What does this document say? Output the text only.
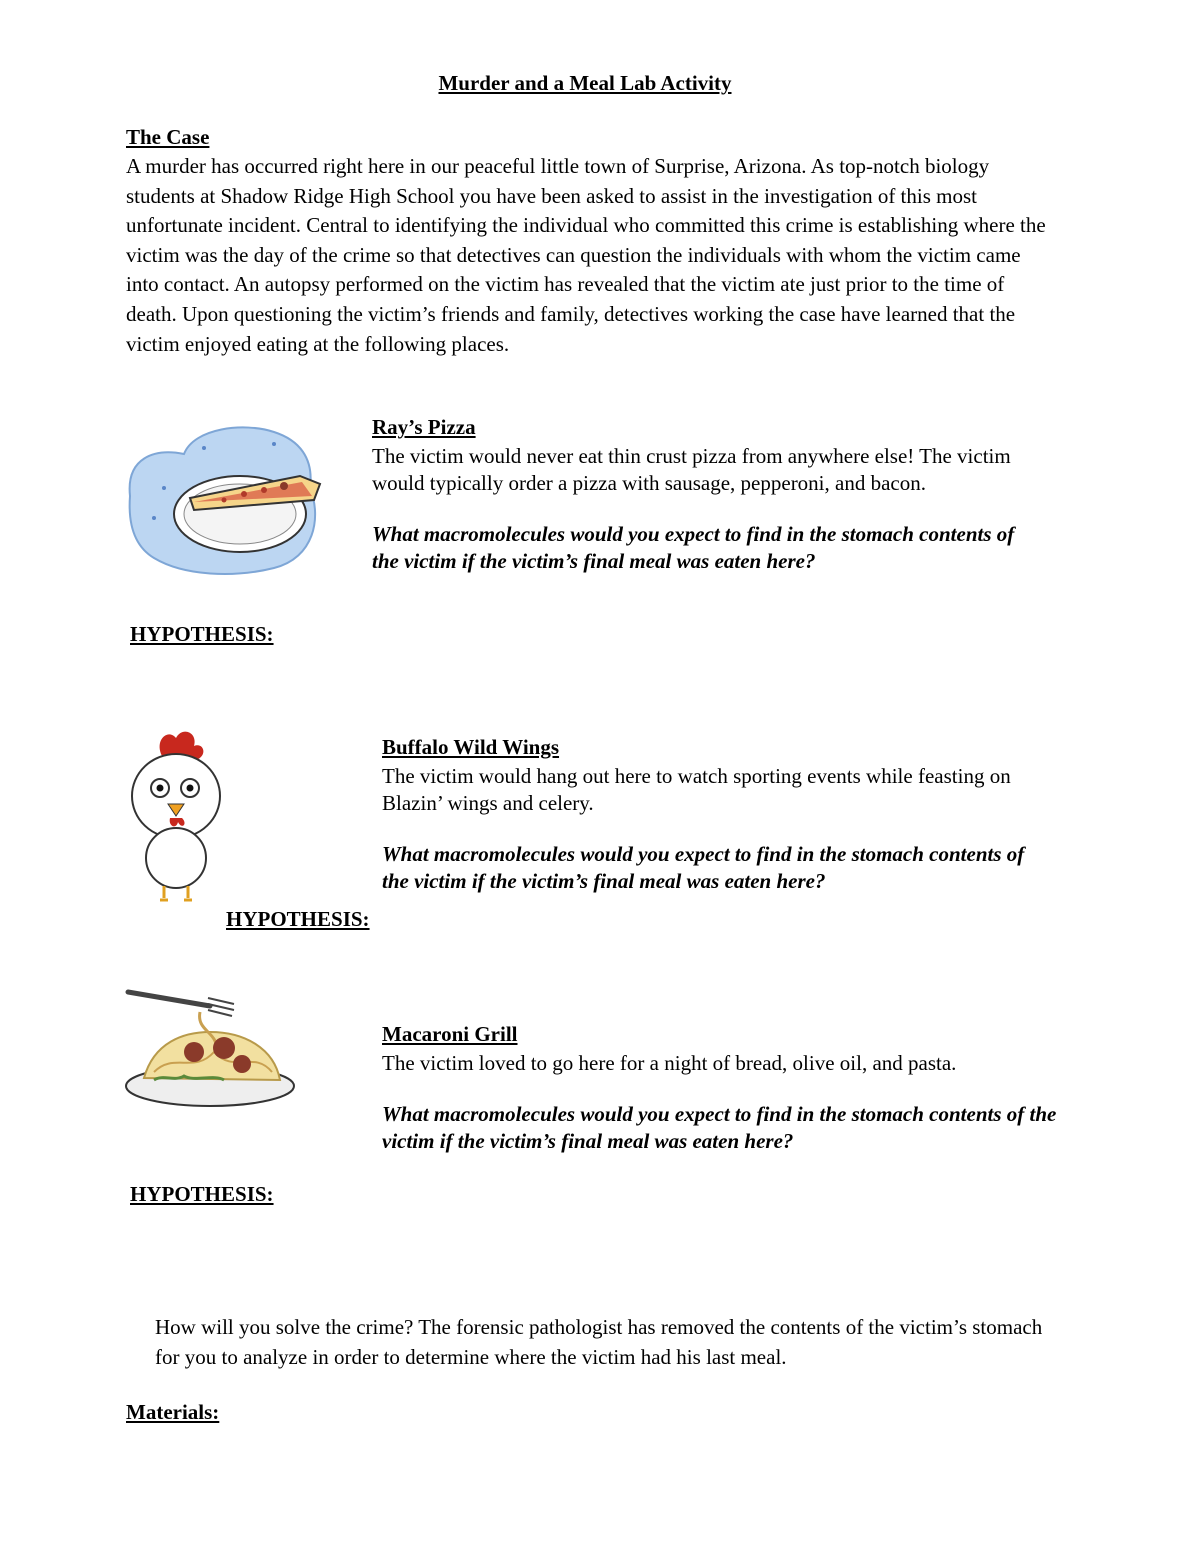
Murder and a Meal Lab Activity
The Case
A murder has occurred right here in our peaceful little town of Surprise, Arizona. As top-notch biology students at Shadow Ridge High School you have been asked to assist in the investigation of this most unfortunate incident. Central to identifying the individual who committed this crime is establishing where the victim was the day of the crime so that detectives can question the individuals with whom the victim came into contact. An autopsy performed on the victim has revealed that the victim ate just prior to the time of death. Upon questioning the victim’s friends and family, detectives working the case have learned that the victim enjoyed eating at the following places.
Ray’s Pizza
The victim would never eat thin crust pizza from anywhere else! The victim would typically order a pizza with sausage, pepperoni, and bacon.
What macromolecules would you expect to find in the stomach contents of the victim if the victim’s final meal was eaten here?
HYPOTHESIS:
Buffalo Wild Wings
The victim would hang out here to watch sporting events while feasting on Blazin’ wings and celery.
What macromolecules would you expect to find in the stomach contents of the victim if the victim’s final meal was eaten here?
HYPOTHESIS:
Macaroni Grill
The victim loved to go here for a night of bread, olive oil, and pasta.
What macromolecules would you expect to find in the stomach contents of the victim if the victim’s final meal was eaten here?
HYPOTHESIS:
How will you solve the crime? The forensic pathologist has removed the contents of the victim’s stomach for you to analyze in order to determine where the victim had his last meal.
Materials:
